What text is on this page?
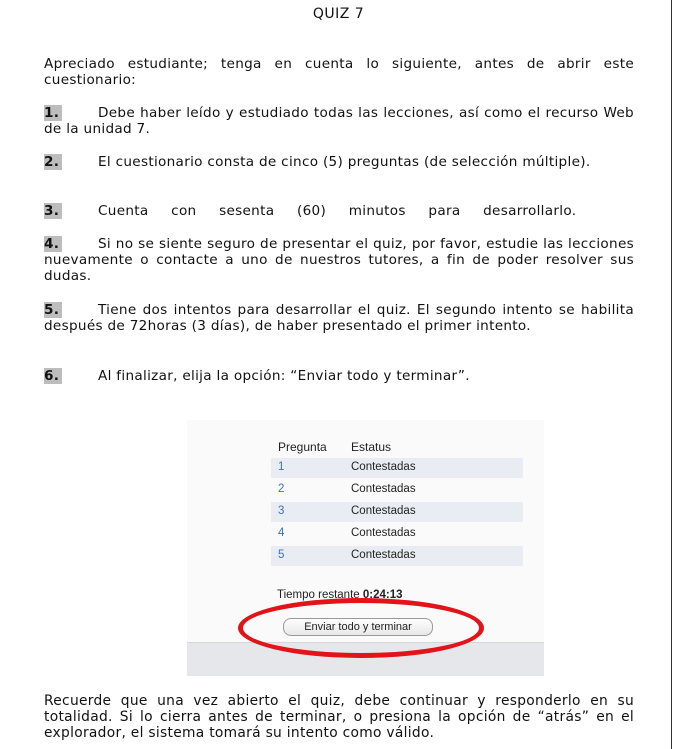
QUIZ 7
Apreciado estudiante; tenga en cuenta lo siguiente, antes de abrir este cuestionario:
1.	Debe haber leído y estudiado todas las lecciones, así como el recurso Web de la unidad 7.
2.	El cuestionario consta de cinco (5) preguntas (de selección múltiple).
3.	Cuenta con sesenta (60) minutos para desarrollarlo.
4.	Si no se siente seguro de presentar el quiz, por favor, estudie las lecciones nuevamente o contacte a uno de nuestros tutores, a fin de poder resolver sus dudas.
5.	Tiene dos intentos para desarrollar el quiz. El segundo intento se habilita después de 72horas (3 días), de haber presentado el primer intento.
6.	Al finalizar, elija la opción: “Enviar todo y terminar”.
Pregunta Estatus
1	Contestadas
2	Contestadas
3	Contestadas
4	Contestadas
5	Contestadas
Tiempo restante 0:24:13
Enviar todo y terminar
Recuerde que una vez abierto el quiz, debe continuar y responderlo en su totalidad. Si lo cierra antes de terminar, o presiona la opción de “atrás” en el explorador, el sistema tomará su intento como válido.
